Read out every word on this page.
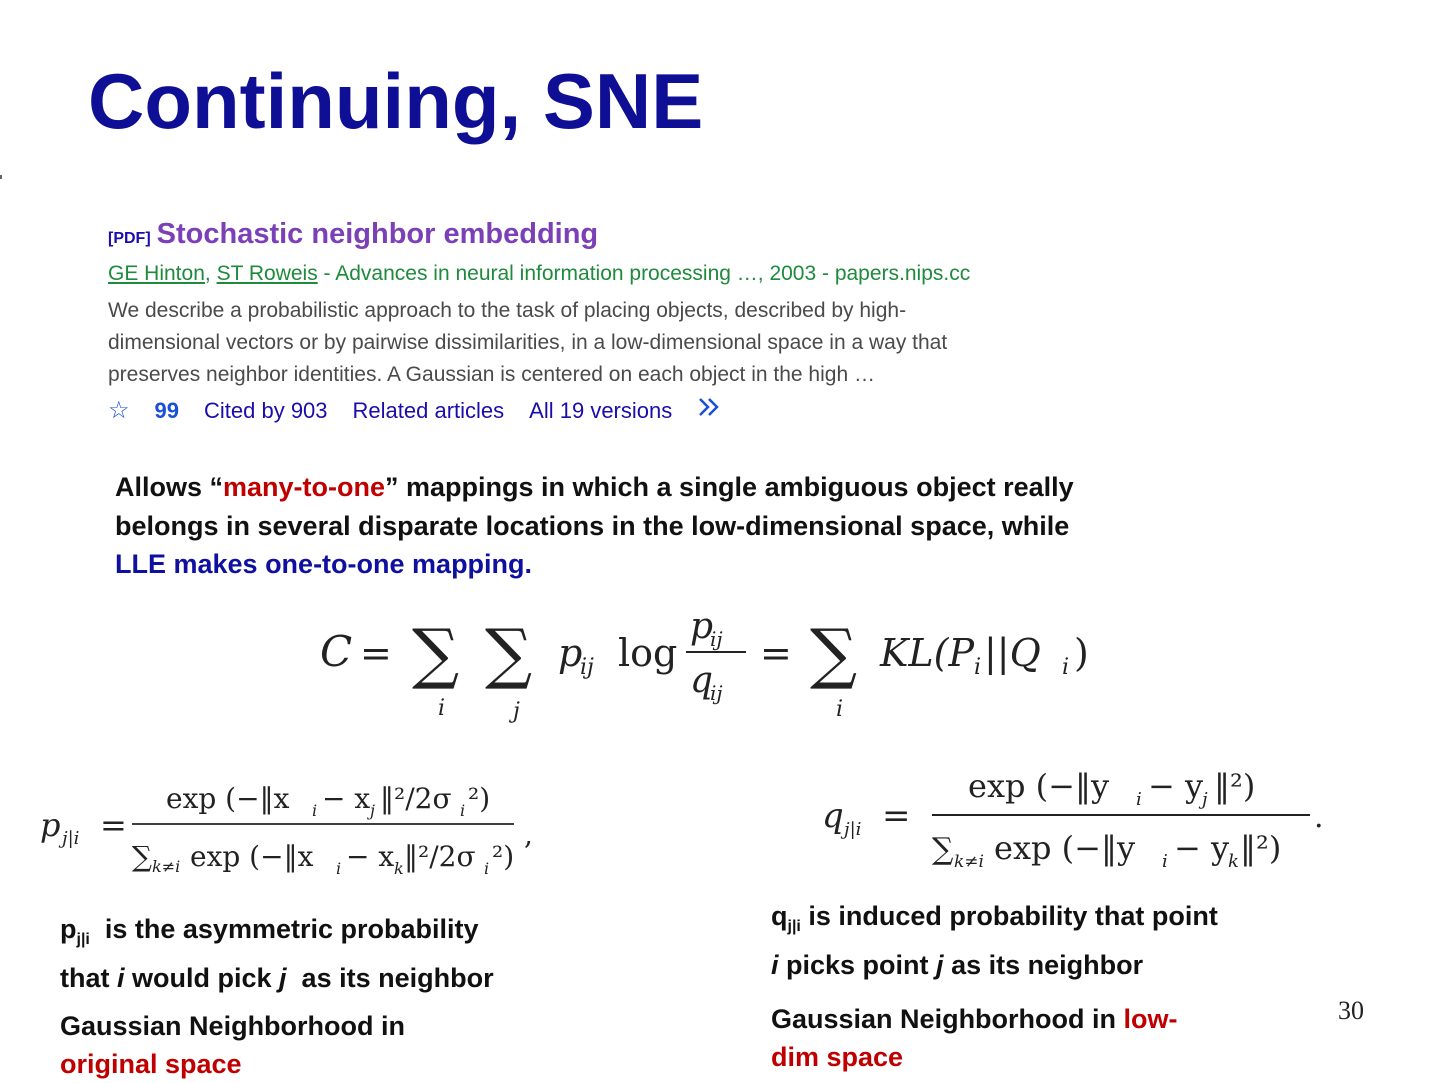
Continuing, SNE
[PDF] Stochastic neighbor embedding
GE Hinton, ST Roweis - Advances in neural information processing …, 2003 - papers.nips.cc
We describe a probabilistic approach to the task of placing objects, described by high-
dimensional vectors or by pairwise dissimilarities, in a low-dimensional space in a way that
preserves neighbor identities. A Gaussian is centered on each object in the high …
☆ 99 Cited by 903 Related articles All 19 versions
Allows “many-to-one” mappings in which a single ambiguous object really
belongs in several disparate locations in the low-dimensional space, while
LLE makes one-to-one mapping.
C = ∑
i
∑
j
p
ij log
p
ij
q
ij
= ∑
i
KL(P i ||Q i )
p j|i =
exp (−‖x i − x j ‖²/2σ i ²)
∑ k≠i exp (−‖x i − x k ‖²/2σ i ²)
,	q j|i =
exp (−‖y i − y
j ‖²)
∑ k≠i exp (−‖y i − y
k ‖²)
.
$p_{j|i}$  is the asymmetric probability
that i would pick j  as its neighbor
Gaussian Neighborhood in
original space
$q_{j|i}$ is induced probability that point
i picks point j as its neighbor
Gaussian Neighborhood in low-
dim space
30
